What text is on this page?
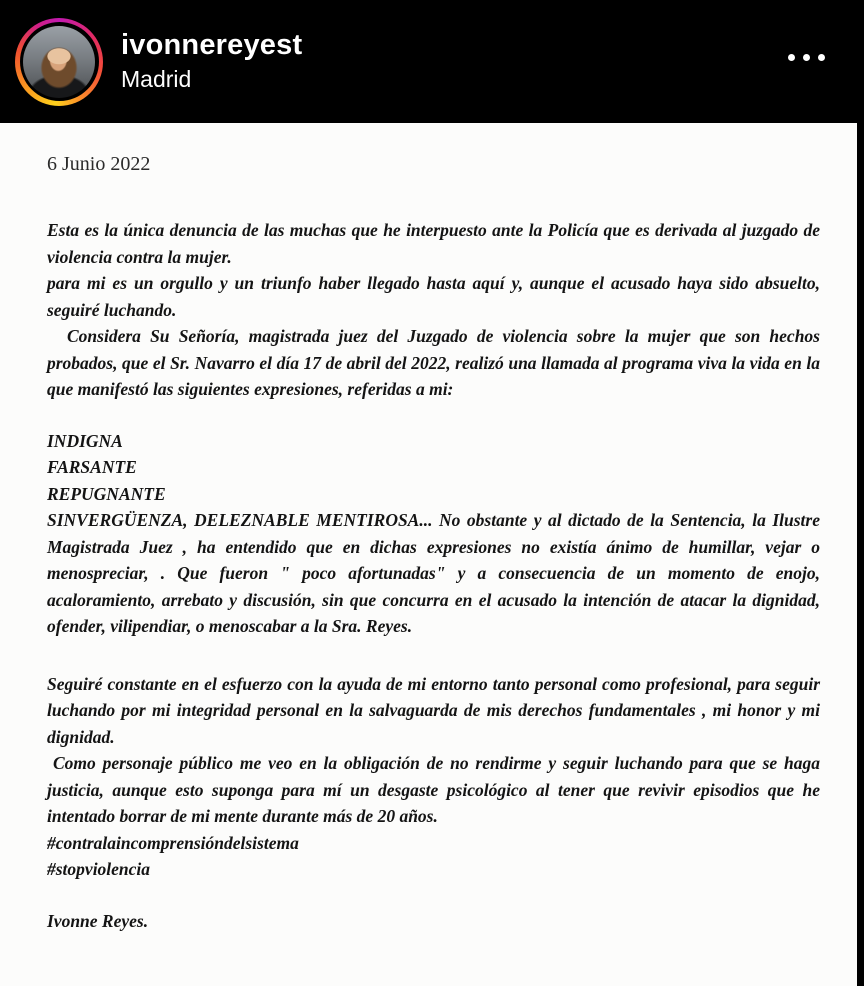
ivonnereyest
Madrid

6 Junio 2022

Esta es la única denuncia de las muchas que he interpuesto ante la Policía que es derivada al juzgado de violencia contra la mujer.

para mi es un orgullo y un triunfo haber llegado hasta aquí y, aunque el acusado haya sido absuelto, seguiré luchando.

Considera Su Señoría, magistrada juez del Juzgado de violencia sobre la mujer que son hechos probados, que el Sr. Navarro el día 17 de abril del 2022, realizó una llamada al programa viva la vida en la que manifestó las siguientes expresiones, referidas a mi:

INDIGNA

FARSANTE

REPUGNANTE

SINVERGÜENZA, DELEZNABLE MENTIROSA... No obstante y al dictado de la Sentencia, la Ilustre Magistrada Juez , ha entendido que en dichas expresiones no existía ánimo de humillar, vejar o menospreciar, . Que fueron " poco afortunadas" y a consecuencia de un momento de enojo, acaloramiento, arrebato y discusión, sin que concurra en el acusado la intención de atacar la dignidad, ofender, vilipendiar, o menoscabar a la Sra. Reyes.

Seguiré constante en el esfuerzo con la ayuda de mi entorno tanto personal como profesional, para seguir luchando por mi integridad personal en la salvaguarda de mis derechos fundamentales , mi honor y mi dignidad.

Como personaje público me veo en la obligación de no rendirme y seguir luchando para que se haga justicia, aunque esto suponga para mí un desgaste psicológico al tener que revivir episodios que he intentado borrar de mi mente durante más de 20 años.

#contralaincomprensióndelsistema

#stopviolencia

Ivonne Reyes.
